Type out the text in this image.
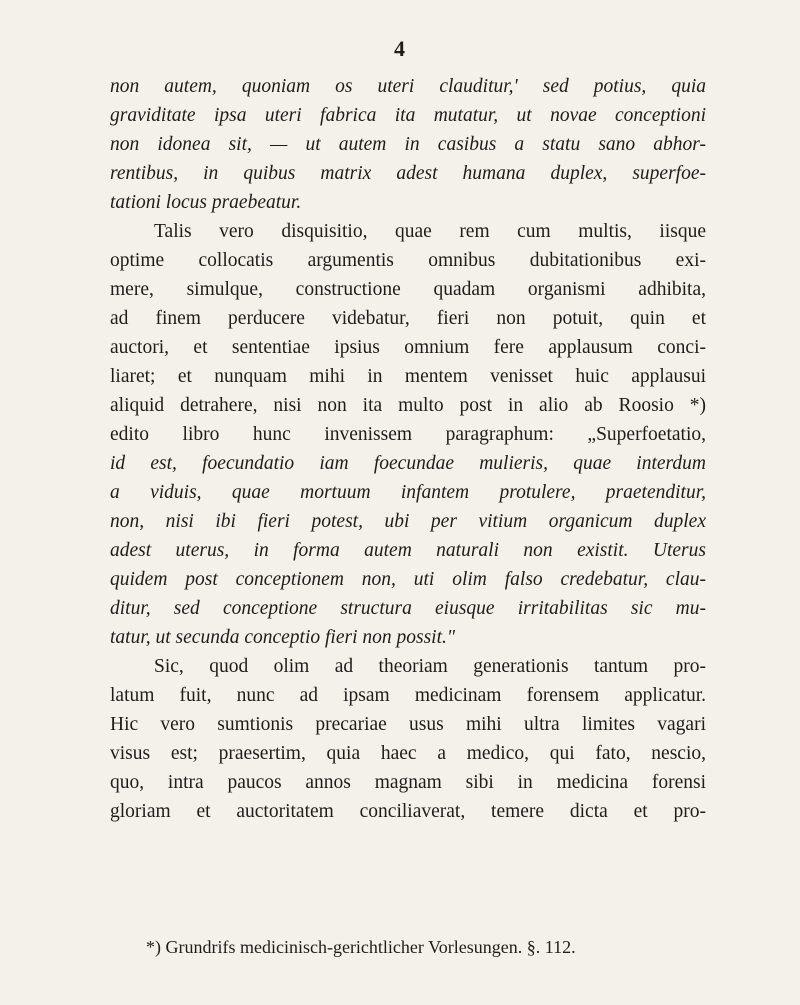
4
non autem, quoniam os uteri clauditur,' sed potius, quia
graviditate ipsa uteri fabrica ita mutatur, ut novae conceptioni
non idonea sit, — ut autem in casibus a statu sano abhor-
rentibus, in quibus matrix adest humana duplex, superfoe-
tationi locus praebeatur.
Talis vero disquisitio, quae rem cum multis, iisque
optime collocatis argumentis omnibus dubitationibus exi-
mere, simulque, constructione quadam organismi adhibita,
ad finem perducere videbatur, fieri non potuit, quin et
auctori, et sententiae ipsius omnium fere applausum conci-
liaret; et nunquam mihi in mentem venisset huic applausui
aliquid detrahere, nisi non ita multo post in alio ab Roosio *)
edito libro hunc invenissem paragraphum: „Superfoetatio,
id est, foecundatio iam foecundae mulieris, quae interdum
a viduis, quae mortuum infantem protulere, praetenditur,
non, nisi ibi fieri potest, ubi per vitium organicum duplex
adest uterus, in forma autem naturali non existit. Uterus
quidem post conceptionem non, uti olim falso credebatur, clau-
ditur, sed conceptione structura eiusque irritabilitas sic mu-
tatur, ut secunda conceptio fieri non possit."
Sic, quod olim ad theoriam generationis tantum pro-
latum fuit, nunc ad ipsam medicinam forensem applicatur.
Hic vero sumtionis precariae usus mihi ultra limites vagari
visus est; praesertim, quia haec a medico, qui fato, nescio,
quo, intra paucos annos magnam sibi in medicina forensi
gloriam et auctoritatem conciliaverat, temere dicta et pro-
*) Grundrifs medicinisch-gerichtlicher Vorlesungen. §. 112.
